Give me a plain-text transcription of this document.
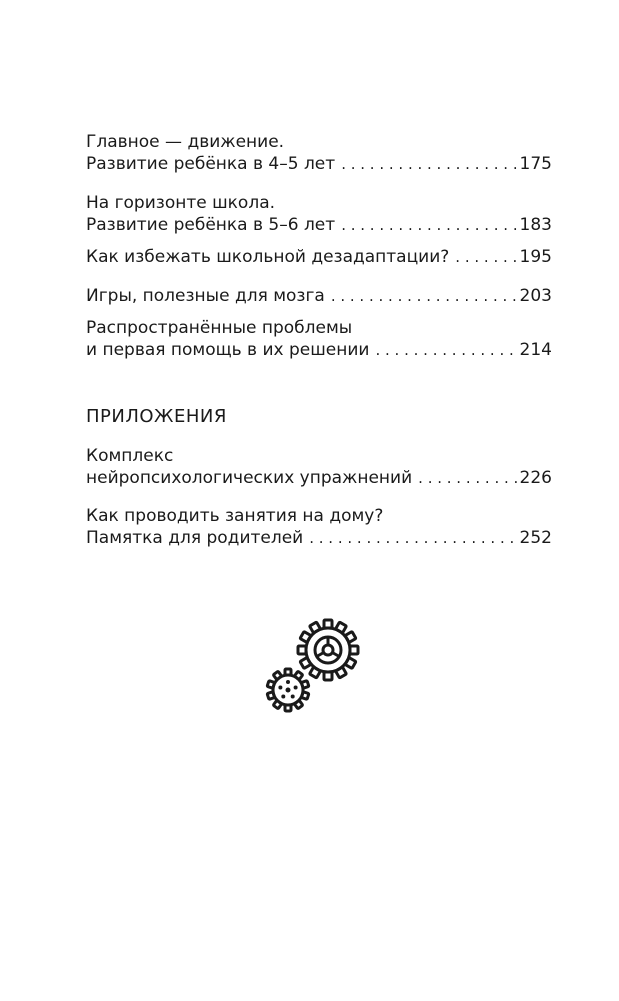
Главное — движение.
Развитие ребёнка в 4–5 лет . . .	175
На горизонте школа.
Развитие ребёнка в 5–6 лет . . .	183
Как избежать школьной дезадаптации? . . .	195
Игры, полезные для мозга . . .	203
Распространённые проблемы
и первая помощь в их решении . . .	214
ПРИЛОЖЕНИЯ
Комплекс
нейропсихологических упражнений . . .	226
Как проводить занятия на дому?
Памятка для родителей . . .	252
